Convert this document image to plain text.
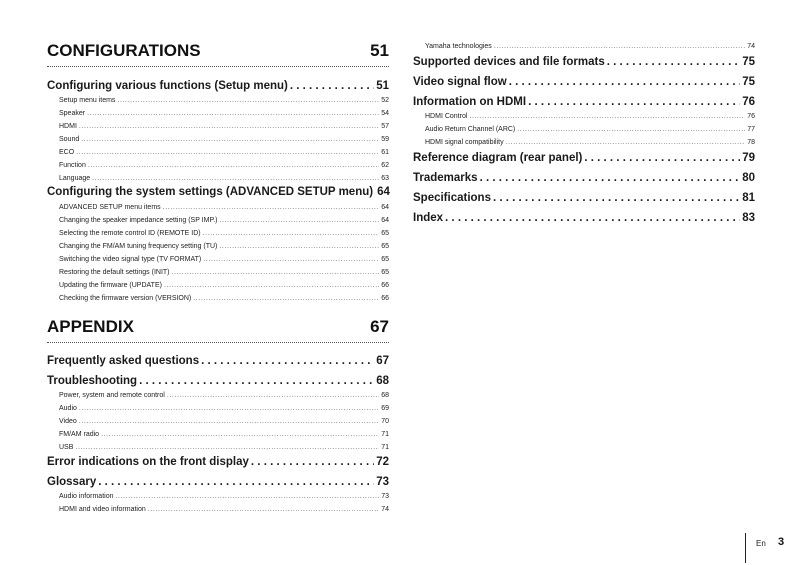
CONFIGURATIONS	51
Configuring various functions (Setup menu) . . .	51
Setup menu items .....	52
Speaker .....	54
HDMI .....	57
Sound .....	59
ECO .....	61
Function .....	62
Language .....	63
Configuring the system settings (ADVANCED SETUP menu) 64
ADVANCED SETUP menu items .....	64
Changing the speaker impedance setting (SP IMP.) .....	64
Selecting the remote control ID (REMOTE ID) .....	65
Changing the FM/AM tuning frequency setting (TU) .....	65
Switching the video signal type (TV FORMAT) .....	65
Restoring the default settings (INIT) .....	65
Updating the firmware (UPDATE) .....	66
Checking the firmware version (VERSION) .....	66
APPENDIX	67
Frequently asked questions . . .	67
Troubleshooting . . .	68
Power, system and remote control .....	68
Audio .....	69
Video .....	70
FM/AM radio .....	71
USB .....	71
Error indications on the front display . . .	72
Glossary . . .	73
Audio information .....	73
HDMI and video information .....	74
Yamaha technologies .....	74
Supported devices and file formats . . .	75
Video signal flow . . .	75
Information on HDMI . . .	76
HDMI Control .....	76
Audio Return Channel (ARC) .....	77
HDMI signal compatibility .....	78
Reference diagram (rear panel) . . .	79
Trademarks . . .	80
Specifications . . .	81
Index . . .	83
En 3
